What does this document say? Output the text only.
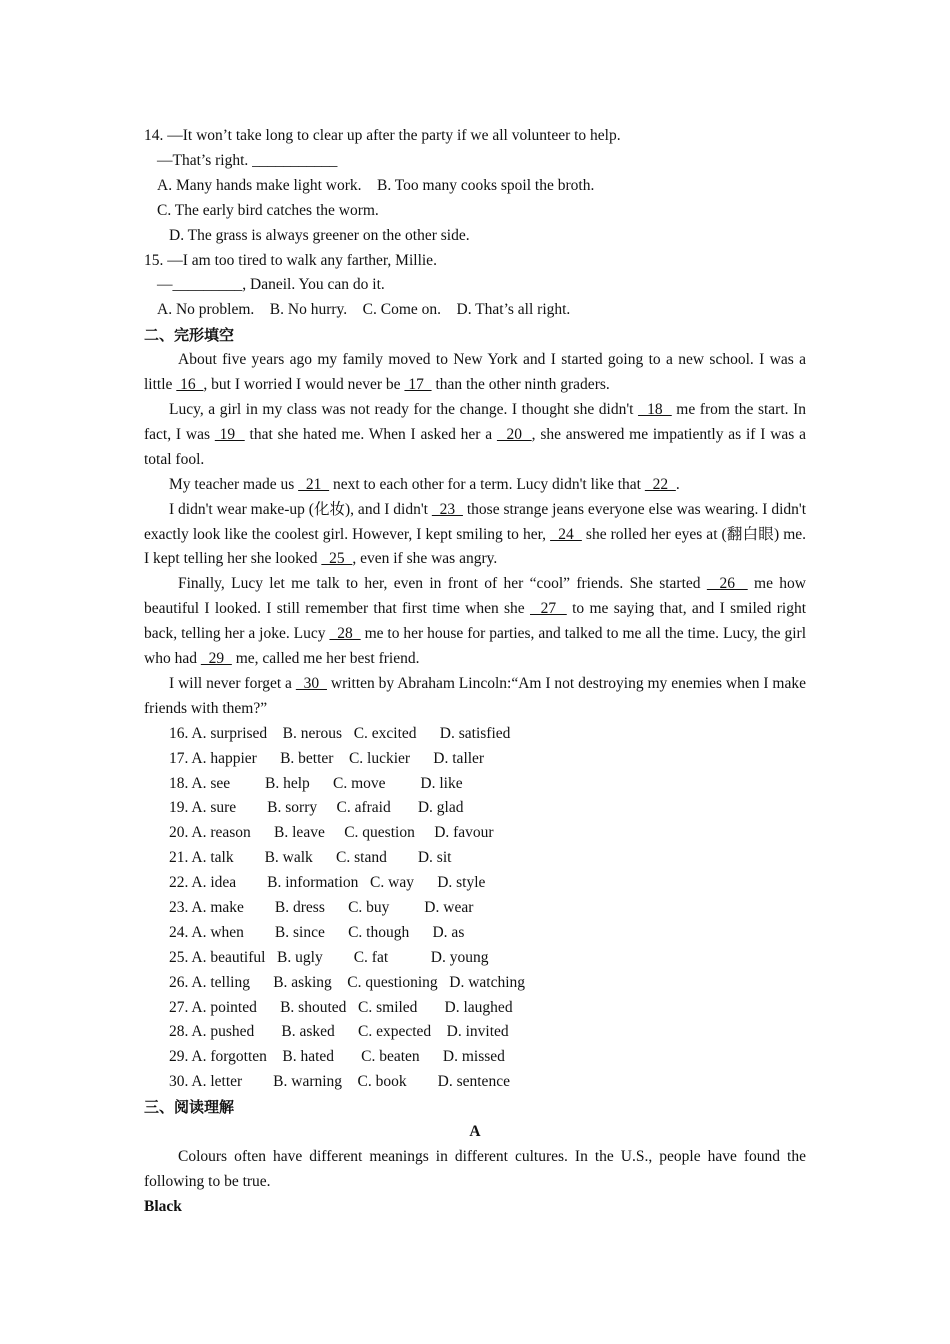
14. —It won’t take long to clear up after the party if we all volunteer to help.
—That’s right. ___________
A. Many hands make light work.    B. Too many cooks spoil the broth.
C. The early bird catches the worm.
D. The grass is always greener on the other side.
15. —I am too tired to walk any farther, Millie.
—_________, Daneil. You can do it.
A. No problem.    B. No hurry.    C. Come on.    D. That’s all right.
二、完形填空
About five years ago my family moved to New York and I started going to a new school. I was a little  16  , but I worried I would never be  17   than the other ninth graders.
Lucy, a girl in my class was not ready for the change. I thought she didn't   18   me from the start. In fact, I was  19   that she hated me. When I asked her a   20  , she answered me impatiently as if I was a total fool.
My teacher made us   21   next to each other for a term. Lucy didn't like that   22  .
I didn't wear make-up (化妆), and I didn't   23   those strange jeans everyone else was wearing. I didn't exactly look like the coolest girl. However, I kept smiling to her,   24   she rolled her eyes at (翻白眼) me. I kept telling her she looked   25  , even if she was angry.
Finally, Lucy let me talk to her, even in front of her “cool” friends. She started   26   me how beautiful I looked. I still remember that first time when she   27   to me saying that, and I smiled right back, telling her a joke. Lucy   28   me to her house for parties, and talked to me all the time. Lucy, the girl who had   29   me, called me her best friend.
I will never forget a   30   written by Abraham Lincoln:“Am I not destroying my enemies when I make friends with them?”
16. A. surprised    B. nerous   C. excited      D. satisfied
17. A. happier      B. better    C. luckier      D. taller
18. A. see         B. help      C. move         D. like
19. A. sure        B. sorry     C. afraid       D. glad
20. A. reason      B. leave     C. question     D. favour
21. A. talk        B. walk      C. stand        D. sit
22. A. idea        B. information   C. way      D. style
23. A. make        B. dress      C. buy         D. wear
24. A. when        B. since      C. though      D. as
25. A. beautiful   B. ugly        C. fat           D. young
26. A. telling      B. asking    C. questioning   D. watching
27. A. pointed      B. shouted   C. smiled       D. laughed
28. A. pushed       B. asked      C. expected    D. invited
29. A. forgotten    B. hated       C. beaten      D. missed
30. A. letter        B. warning    C. book        D. sentence
三、阅读理解
A
Colours often have different meanings in different cultures. In the U.S., people have found the following to be true.
Black
